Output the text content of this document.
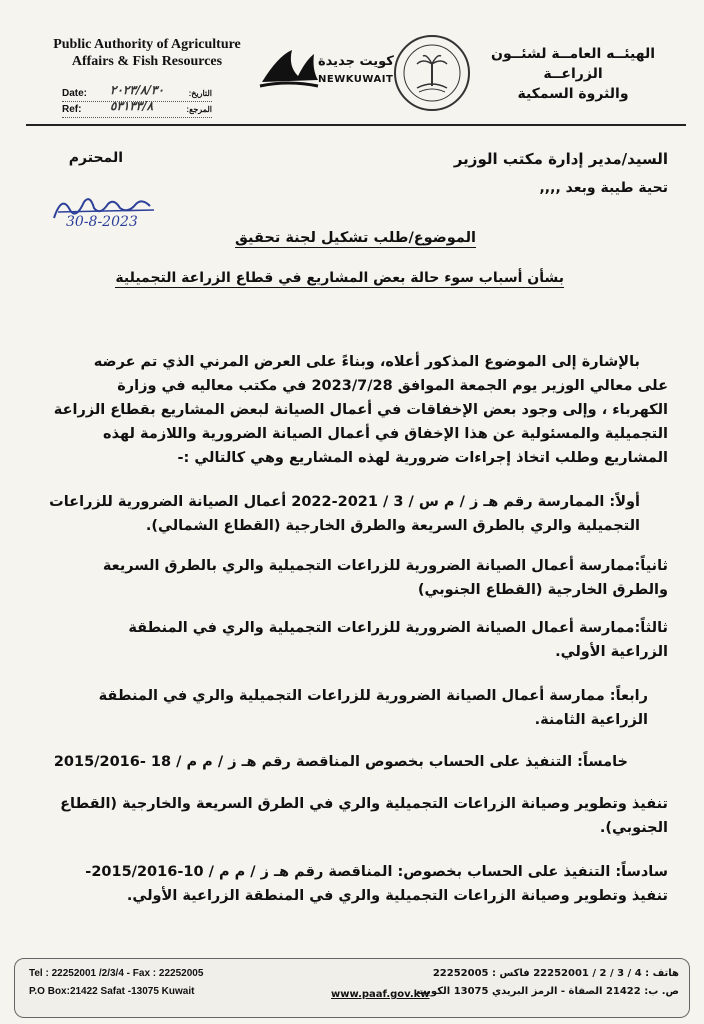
Public Authority of Agriculture
Affairs & Fish Resources
Date: ٢٠٢٣/٨/٣٠	التاريخ:
Ref: ٥٣١٣٣/٨	المرجع:
كويت جديدة
NEWKUWAIT
الهيئــه العامــة لشئــون الزراعــة
والثروة السمكية
السيد/مدير إدارة مكتب الوزير
المحترم
تحية طيبة وبعد ,,,,
الموضوع/طلب تشكيل لجنة تحقيق
بشأن أسباب سوء حالة بعض المشاريع في قطاع الزراعة التجميلية
بالإشارة إلى الموضوع المذكور أعلاه، وبناءً على العرض المرني الذي تم عرضه
على معالي الوزير يوم الجمعة الموافق 2023/7/28 في مكتب معاليه في وزارة
الكهرباء ، وإلى وجود بعض الإخفاقات في أعمال الصيانة لبعض المشاريع بقطاع الزراعة
التجميلية والمسئولية عن هذا الإخفاق في أعمال الصيانة الضرورية واللازمة لهذه
المشاريع وطلب اتخاذ إجراءات ضرورية لهذه المشاريع وهي كالتالي :-
أولاً: الممارسة رقم هـ ز / م س / 3 / 2021-2022 أعمال الصيانة الضرورية للزراعات
التجميلية والري بالطرق السريعة والطرق الخارجية (القطاع الشمالي).
ثانياً:ممارسة أعمال الصيانة الضرورية للزراعات التجميلية والري بالطرق السريعة
والطرق الخارجية (القطاع الجنوبي)
ثالثاً:ممارسة أعمال الصيانة الضرورية للزراعات التجميلية والري في المنطقة
الزراعية الأولي.
رابعاً: ممارسة أعمال الصيانة الضرورية للزراعات التجميلية والري في المنطقة
الزراعية الثامنة.
خامساً: التنفيذ على الحساب بخصوص المناقصة رقم هـ ز / م م / 18 -2015/2016
تنفيذ وتطوير وصيانة الزراعات التجميلية والري في الطرق السريعة والخارجية (القطاع
الجنوبي).
سادساً: التنفيذ على الحساب بخصوص: المناقصة رقم هـ ز / م م / 10-2015/2016-
تنفيذ وتطوير وصيانة الزراعات التجميلية والري في المنطقة الزراعية الأولي.
30-8-2023
Tel : 22252001 /2/3/4 - Fax : 22252005
P.O Box:21422 Safat -13075 Kuwait	www.paaf.gov.kw
هاتف : 4 / 3 / 2 / 22252001 فاكس : 22252005
ص. ب: 21422 الصفاة - الرمز البريدي 13075 الكويت
